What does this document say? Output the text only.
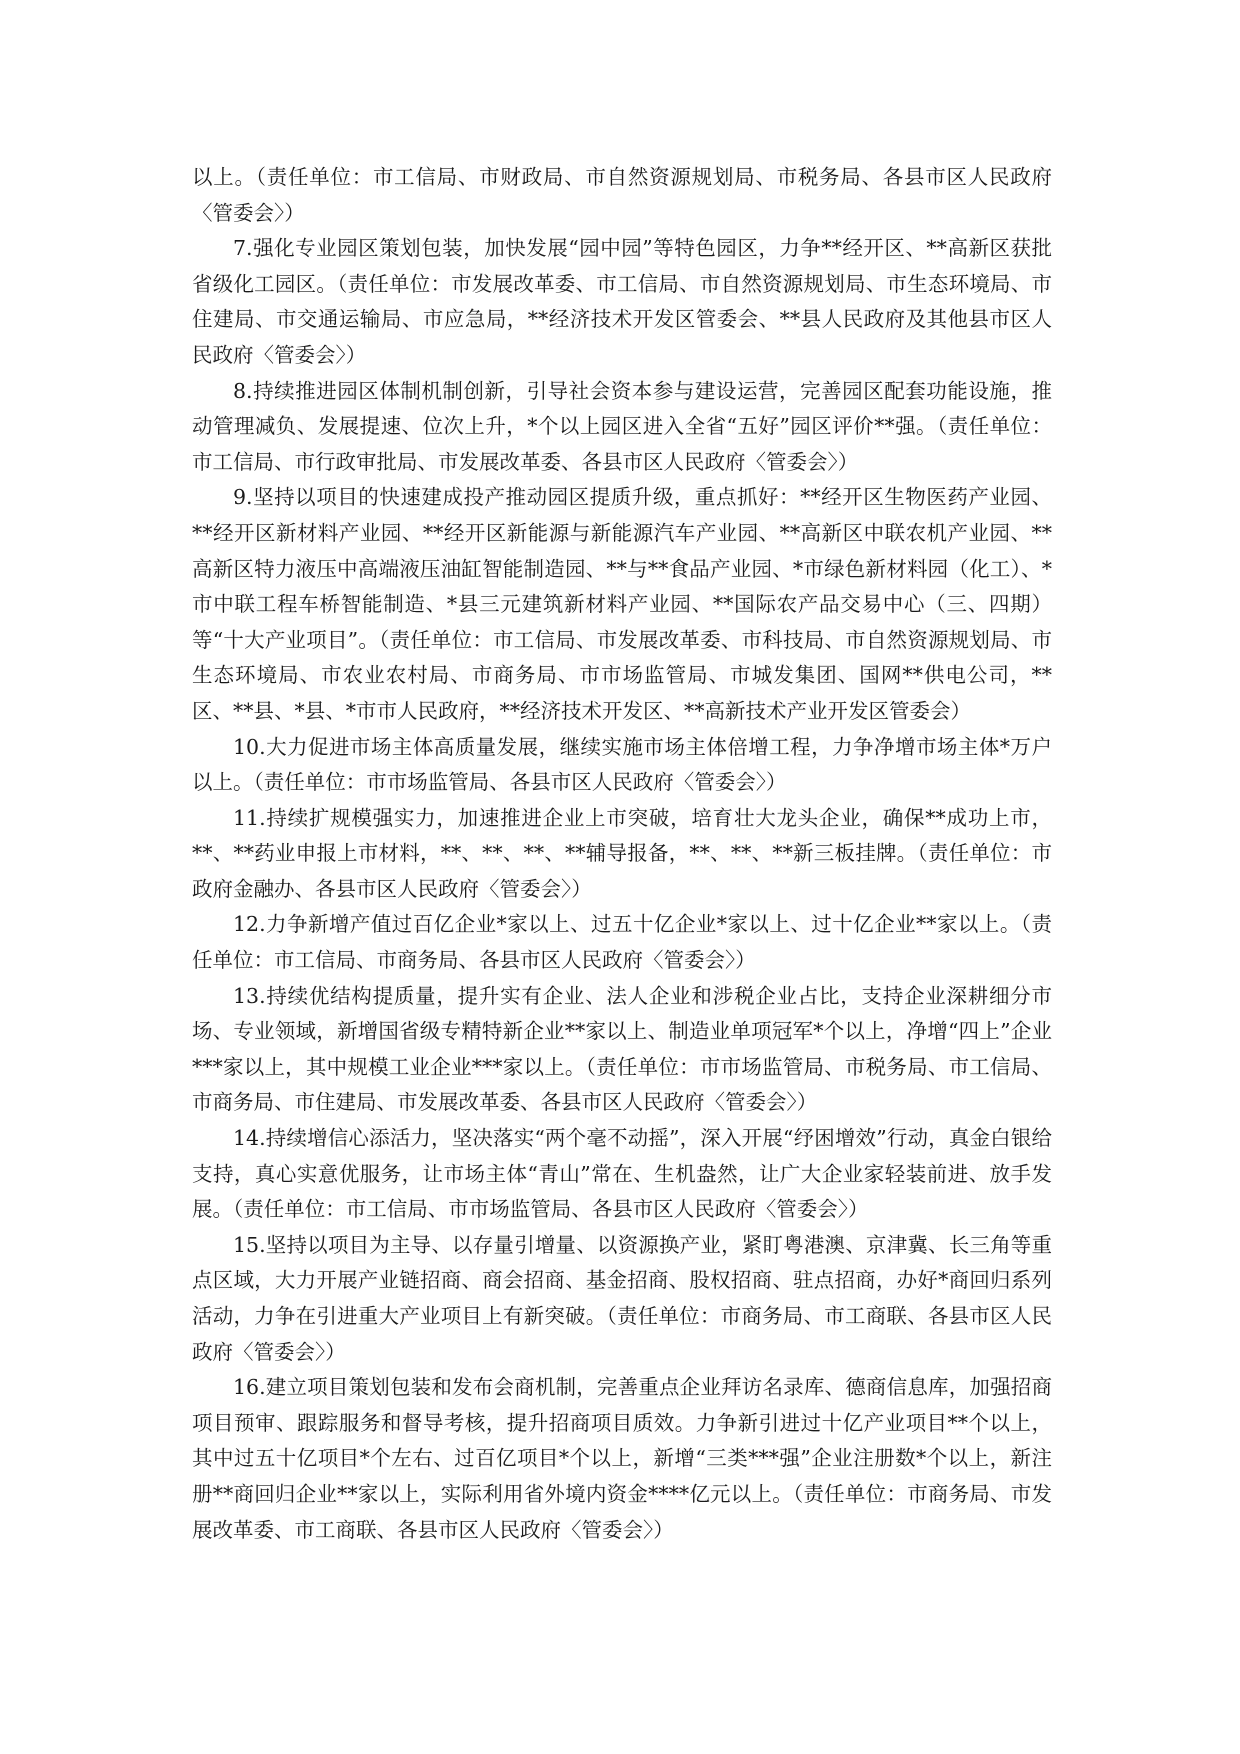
以上。（责任单位：市工信局、市财政局、市自然资源规划局、市税务局、各县市区人民政府〈管委会〉）

7.强化专业园区策划包装，加快发展“园中园”等特色园区，力争**经开区、**高新区获批省级化工园区。（责任单位：市发展改革委、市工信局、市自然资源规划局、市生态环境局、市住建局、市交通运输局、市应急局，**经济技术开发区管委会、**县人民政府及其他县市区人民政府〈管委会〉）

8.持续推进园区体制机制创新，引导社会资本参与建设运营，完善园区配套功能设施，推动管理减负、发展提速、位次上升，*个以上园区进入全省“五好”园区评价**强。（责任单位：市工信局、市行政审批局、市发展改革委、各县市区人民政府〈管委会〉）

9.坚持以项目的快速建成投产推动园区提质升级，重点抓好：**经开区生物医药产业园、**经开区新材料产业园、**经开区新能源与新能源汽车产业园、**高新区中联农机产业园、**高新区特力液压中高端液压油缸智能制造园、**与**食品产业园、*市绿色新材料园（化工）、*市中联工程车桥智能制造、*县三元建筑新材料产业园、**国际农产品交易中心（三、四期）等“十大产业项目”。（责任单位：市工信局、市发展改革委、市科技局、市自然资源规划局、市生态环境局、市农业农村局、市商务局、市市场监管局、市城发集团、国网**供电公司，**区、**县、*县、*市市人民政府，**经济技术开发区、**高新技术产业开发区管委会）

10.大力促进市场主体高质量发展，继续实施市场主体倍增工程，力争净增市场主体*万户以上。（责任单位：市市场监管局、各县市区人民政府〈管委会〉）

11.持续扩规模强实力，加速推进企业上市突破，培育壮大龙头企业，确保**成功上市，**、**药业申报上市材料，**、**、**、**辅导报备，**、**、**新三板挂牌。（责任单位：市政府金融办、各县市区人民政府〈管委会〉）

12.力争新增产值过百亿企业*家以上、过五十亿企业*家以上、过十亿企业**家以上。（责任单位：市工信局、市商务局、各县市区人民政府〈管委会〉）

13.持续优结构提质量，提升实有企业、法人企业和涉税企业占比，支持企业深耕细分市场、专业领域，新增国省级专精特新企业**家以上、制造业单项冠军*个以上，净增“四上”企业***家以上，其中规模工业企业***家以上。（责任单位：市市场监管局、市税务局、市工信局、市商务局、市住建局、市发展改革委、各县市区人民政府〈管委会〉）

14.持续增信心添活力，坚决落实“两个毫不动摇”，深入开展“纾困增效”行动，真金白银给支持，真心实意优服务，让市场主体“青山”常在、生机盎然，让广大企业家轻装前进、放手发展。（责任单位：市工信局、市市场监管局、各县市区人民政府〈管委会〉）

15.坚持以项目为主导、以存量引增量、以资源换产业，紧盯粤港澳、京津冀、长三角等重点区域，大力开展产业链招商、商会招商、基金招商、股权招商、驻点招商，办好*商回归系列活动，力争在引进重大产业项目上有新突破。（责任单位：市商务局、市工商联、各县市区人民政府〈管委会〉）

16.建立项目策划包装和发布会商机制，完善重点企业拜访名录库、德商信息库，加强招商项目预审、跟踪服务和督导考核，提升招商项目质效。力争新引进过十亿产业项目**个以上，其中过五十亿项目*个左右、过百亿项目*个以上，新增“三类***强”企业注册数*个以上，新注册**商回归企业**家以上，实际利用省外境内资金****亿元以上。（责任单位：市商务局、市发展改革委、市工商联、各县市区人民政府〈管委会〉）
